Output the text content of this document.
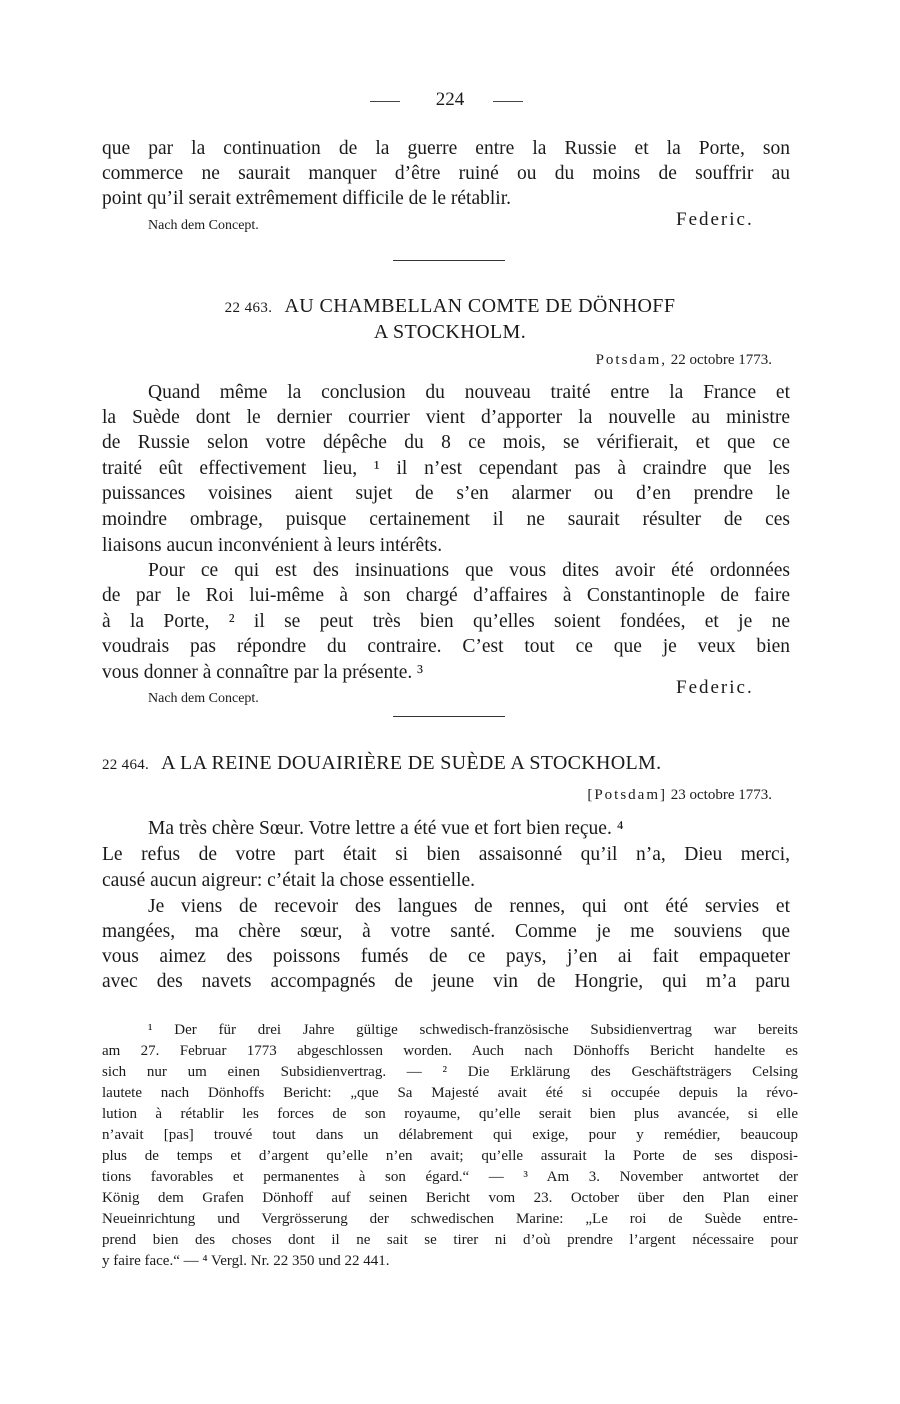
224
que par la continuation de la guerre entre la Russie et la Porte, son
commerce ne saurait manquer d’être ruiné ou du moins de souffrir au
point qu’il serait extrêmement difficile de le rétablir.
Nach dem Concept.	Federic.
22 463. AU CHAMBELLAN COMTE DE DÖNHOFF
A STOCKHOLM.
Potsdam, 22 octobre 1773.
Quand même la conclusion du nouveau traité entre la France et
la Suède dont le dernier courrier vient d’apporter la nouvelle au ministre
de Russie selon votre dépêche du 8 ce mois, se vérifierait, et que ce
traité eût effectivement lieu, ¹ il n’est cependant pas à craindre que les
puissances voisines aient sujet de s’en alarmer ou d’en prendre le
moindre ombrage, puisque certainement il ne saurait résulter de ces
liaisons aucun inconvénient à leurs intérêts.
Pour ce qui est des insinuations que vous dites avoir été ordonnées
de par le Roi lui-même à son chargé d’affaires à Constantinople de faire
à la Porte, ² il se peut très bien qu’elles soient fondées, et je ne
voudrais pas répondre du contraire. C’est tout ce que je veux bien
vous donner à connaître par la présente. ³
Federic.
Nach dem Concept.
22 464. A LA REINE DOUAIRIÈRE DE SUÈDE A STOCKHOLM.
[Potsdam] 23 octobre 1773.
Ma très chère Sœur. Votre lettre a été vue et fort bien reçue. ⁴
Le refus de votre part était si bien assaisonné qu’il n’a, Dieu merci,
causé aucun aigreur: c’était la chose essentielle.
Je viens de recevoir des langues de rennes, qui ont été servies et
mangées, ma chère sœur, à votre santé. Comme je me souviens que
vous aimez des poissons fumés de ce pays, j’en ai fait empaqueter
avec des navets accompagnés de jeune vin de Hongrie, qui m’a paru
¹ Der für drei Jahre gültige schwedisch-französische Subsidienvertrag war bereits
am 27. Februar 1773 abgeschlossen worden. Auch nach Dönhoffs Bericht handelte es
sich nur um einen Subsidienvertrag. — ² Die Erklärung des Geschäftsträgers Celsing
lautete nach Dönhoffs Bericht: „que Sa Majesté avait été si occupée depuis la révo-
lution à rétablir les forces de son royaume, qu’elle serait bien plus avancée, si elle
n’avait [pas] trouvé tout dans un délabrement qui exige, pour y remédier, beaucoup
plus de temps et d’argent qu’elle n’en avait; qu’elle assurait la Porte de ses disposi-
tions favorables et permanentes à son égard.“ — ³ Am 3. November antwortet der
König dem Grafen Dönhoff auf seinen Bericht vom 23. October über den Plan einer
Neueinrichtung und Vergrösserung der schwedischen Marine: „Le roi de Suède entre-
prend bien des choses dont il ne sait se tirer ni d’où prendre l’argent nécessaire pour
y faire face.“ — ⁴ Vergl. Nr. 22 350 und 22 441.
